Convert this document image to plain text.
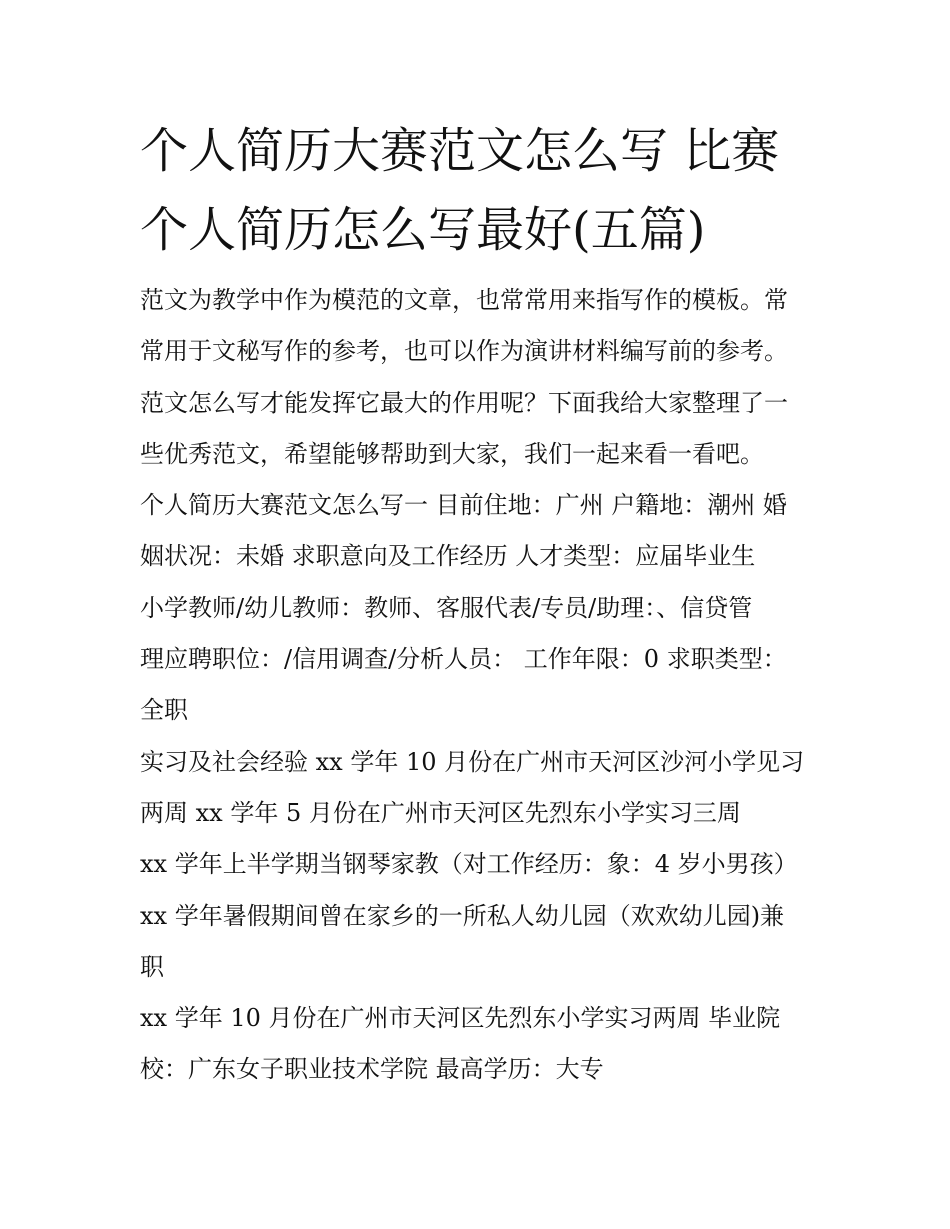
个人简历大赛范文怎么写 比赛
个人简历怎么写最好(五篇)
范文为教学中作为模范的文章，也常常用来指写作的模板。常
常用于文秘写作的参考，也可以作为演讲材料编写前的参考。
范文怎么写才能发挥它最大的作用呢？下面我给大家整理了一
些优秀范文，希望能够帮助到大家，我们一起来看一看吧。
个人简历大赛范文怎么写一 目前住地：广州 户籍地：潮州 婚
姻状况：未婚 求职意向及工作经历 人才类型：应届毕业生
小学教师/幼儿教师：教师、客服代表/专员/助理：、信贷管
理应聘职位：/信用调查/分析人员： 工作年限：0 求职类型：
全职
实习及社会经验 xx 学年 10 月份在广州市天河区沙河小学见习
两周 xx 学年 5 月份在广州市天河区先烈东小学实习三周
xx 学年上半学期当钢琴家教（对工作经历：象：4 岁小男孩）
xx 学年暑假期间曾在家乡的一所私人幼儿园（欢欢幼儿园)兼
职
xx 学年 10 月份在广州市天河区先烈东小学实习两周 毕业院
校：广东女子职业技术学院 最高学历：大专
